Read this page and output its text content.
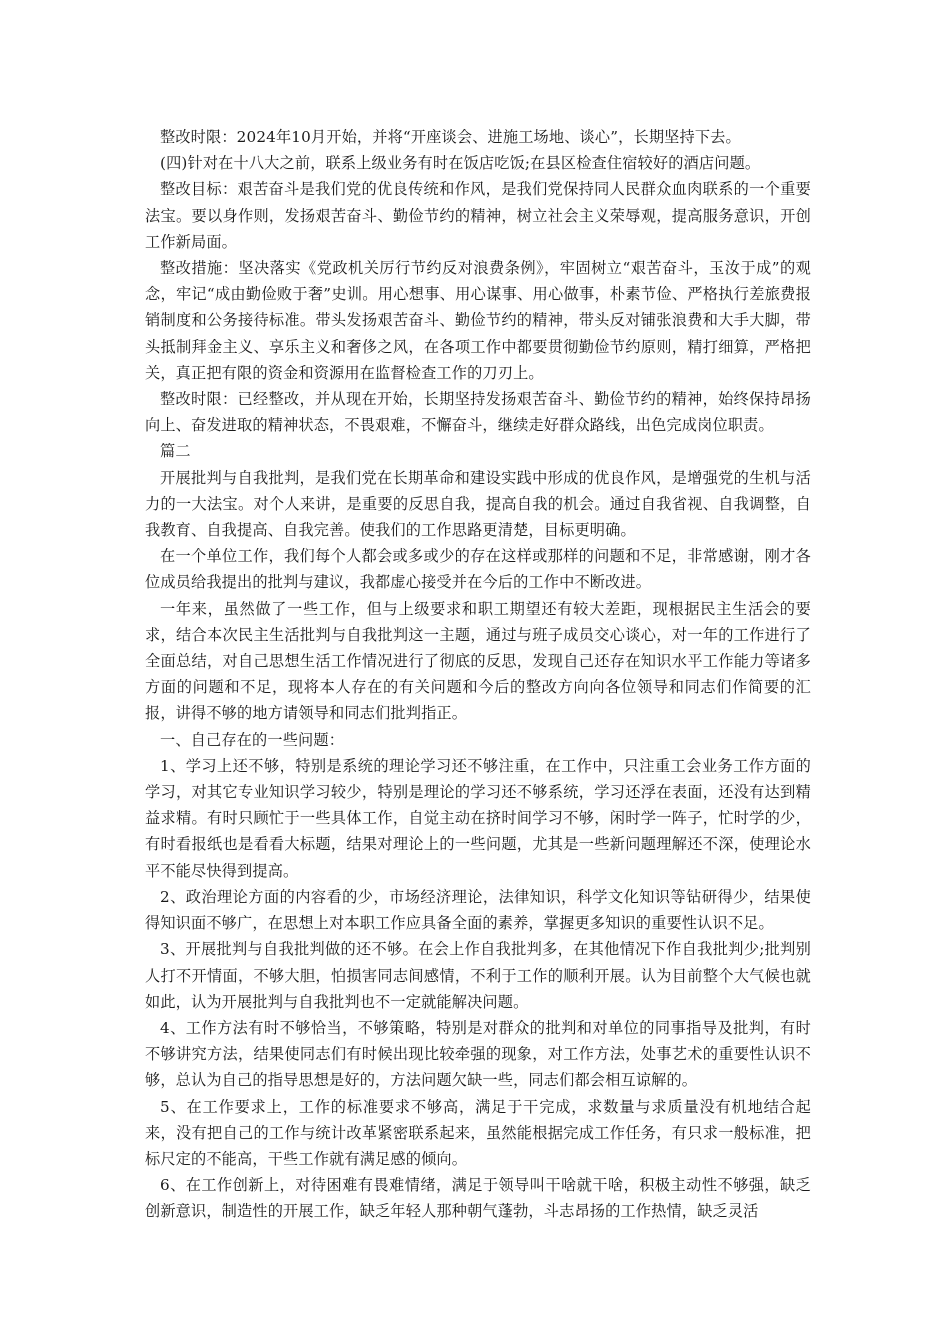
整改时限：2024年10月开始，并将“开座谈会、进施工场地、谈心”，长期坚持下去。

(四)针对在十八大之前，联系上级业务有时在饭店吃饭;在县区检查住宿较好的酒店问题。

整改目标：艰苦奋斗是我们党的优良传统和作风，是我们党保持同人民群众血肉联系的一个重要法宝。要以身作则，发扬艰苦奋斗、勤俭节约的精神，树立社会主义荣辱观，提高服务意识，开创工作新局面。

整改措施：坚决落实《党政机关厉行节约反对浪费条例》，牢固树立“艰苦奋斗，玉汝于成”的观念，牢记“成由勤俭败于奢”史训。用心想事、用心谋事、用心做事，朴素节俭、严格执行差旅费报销制度和公务接待标准。带头发扬艰苦奋斗、勤俭节约的精神，带头反对铺张浪费和大手大脚，带头抵制拜金主义、享乐主义和奢侈之风，在各项工作中都要贯彻勤俭节约原则，精打细算，严格把关，真正把有限的资金和资源用在监督检查工作的刀刃上。

整改时限：已经整改，并从现在开始，长期坚持发扬艰苦奋斗、勤俭节约的精神，始终保持昂扬向上、奋发进取的精神状态，不畏艰难，不懈奋斗，继续走好群众路线，出色完成岗位职责。

篇二

开展批判与自我批判，是我们党在长期革命和建设实践中形成的优良作风，是增强党的生机与活力的一大法宝。对个人来讲，是重要的反思自我，提高自我的机会。通过自我省视、自我调整，自我教育、自我提高、自我完善。使我们的工作思路更清楚，目标更明确。

在一个单位工作，我们每个人都会或多或少的存在这样或那样的问题和不足，非常感谢，刚才各位成员给我提出的批判与建议，我都虚心接受并在今后的工作中不断改进。

一年来，虽然做了一些工作，但与上级要求和职工期望还有较大差距，现根据民主生活会的要求，结合本次民主生活批判与自我批判这一主题，通过与班子成员交心谈心，对一年的工作进行了全面总结，对自己思想生活工作情况进行了彻底的反思，发现自己还存在知识水平工作能力等诸多方面的问题和不足，现将本人存在的有关问题和今后的整改方向向各位领导和同志们作简要的汇报，讲得不够的地方请领导和同志们批判指正。

一、自己存在的一些问题：

1、学习上还不够，特别是系统的理论学习还不够注重，在工作中，只注重工会业务工作方面的学习，对其它专业知识学习较少，特别是理论的学习还不够系统，学习还浮在表面，还没有达到精益求精。有时只顾忙于一些具体工作，自觉主动在挤时间学习不够，闲时学一阵子，忙时学的少，有时看报纸也是看看大标题，结果对理论上的一些问题，尤其是一些新问题理解还不深，使理论水平不能尽快得到提高。

2、政治理论方面的内容看的少，市场经济理论，法律知识，科学文化知识等钻研得少，结果使得知识面不够广，在思想上对本职工作应具备全面的素养，掌握更多知识的重要性认识不足。

3、开展批判与自我批判做的还不够。在会上作自我批判多，在其他情况下作自我批判少;批判别人打不开情面，不够大胆，怕损害同志间感情，不利于工作的顺利开展。认为目前整个大气候也就如此，认为开展批判与自我批判也不一定就能解决问题。

4、工作方法有时不够恰当，不够策略，特别是对群众的批判和对单位的同事指导及批判，有时不够讲究方法，结果使同志们有时候出现比较牵强的现象，对工作方法，处事艺术的重要性认识不够，总认为自己的指导思想是好的，方法问题欠缺一些，同志们都会相互谅解的。

5、在工作要求上，工作的标准要求不够高，满足于干完成，求数量与求质量没有机地结合起来，没有把自己的工作与统计改革紧密联系起来，虽然能根据完成工作任务，有只求一般标准，把标尺定的不能高，干些工作就有满足感的倾向。

6、在工作创新上，对待困难有畏难情绪，满足于领导叫干啥就干啥，积极主动性不够强，缺乏创新意识，制造性的开展工作，缺乏年轻人那种朝气蓬勃，斗志昂扬的工作热情，缺乏灵活
